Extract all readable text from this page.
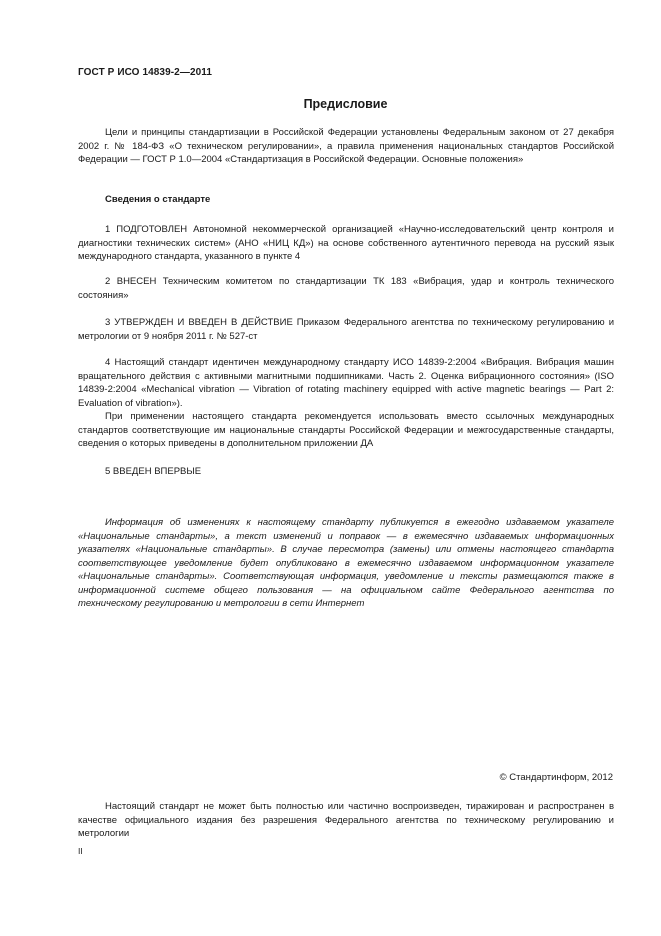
ГОСТ Р ИСО 14839-2—2011
Предисловие

Цели и принципы стандартизации в Российской Федерации установлены Федеральным законом от 27 декабря 2002 г. № 184-ФЗ «О техническом регулировании», а правила применения национальных стандартов Российской Федерации — ГОСТ Р 1.0—2004 «Стандартизация в Российской Федерации. Основные положения»

Сведения о стандарте

1 ПОДГОТОВЛЕН Автономной некоммерческой организацией «Научно-исследовательский центр контроля и диагностики технических систем» (АНО «НИЦ КД») на основе собственного аутентичного перевода на русский язык международного стандарта, указанного в пункте 4

2 ВНЕСЕН Техническим комитетом по стандартизации ТК 183 «Вибрация, удар и контроль технического состояния»

3 УТВЕРЖДЕН И ВВЕДЕН В ДЕЙСТВИЕ Приказом Федерального агентства по техническому регулированию и метрологии от 9 ноября 2011 г. № 527-ст

4 Настоящий стандарт идентичен международному стандарту ИСО 14839-2:2004 «Вибрация. Вибрация машин вращательного действия с активными магнитными подшипниками. Часть 2. Оценка вибрационного состояния» (ISO 14839-2:2004 «Mechanical vibration — Vibration of rotating machinery equipped with active magnetic bearings — Part 2: Evaluation of vibration»).

При применении настоящего стандарта рекомендуется использовать вместо ссылочных международных стандартов соответствующие им национальные стандарты Российской Федерации и межгосударственные стандарты, сведения о которых приведены в дополнительном приложении ДА

5 ВВЕДЕН ВПЕРВЫЕ

Информация об изменениях к настоящему стандарту публикуется в ежегодно издаваемом указателе «Национальные стандарты», а текст изменений и поправок — в ежемесячно издаваемых информационных указателях «Национальные стандарты». В случае пересмотра (замены) или отмены настоящего стандарта соответствующее уведомление будет опубликовано в ежемесячно издаваемом информационном указателе «Национальные стандарты». Соответствующая информация, уведомление и тексты размещаются также в информационной системе общего пользования — на официальном сайте Федерального агентства по техническому регулированию и метрологии в сети Интернет

© Стандартинформ, 2012

Настоящий стандарт не может быть полностью или частично воспроизведен, тиражирован и распространен в качестве официального издания без разрешения Федерального агентства по техническому регулированию и метрологии

II
